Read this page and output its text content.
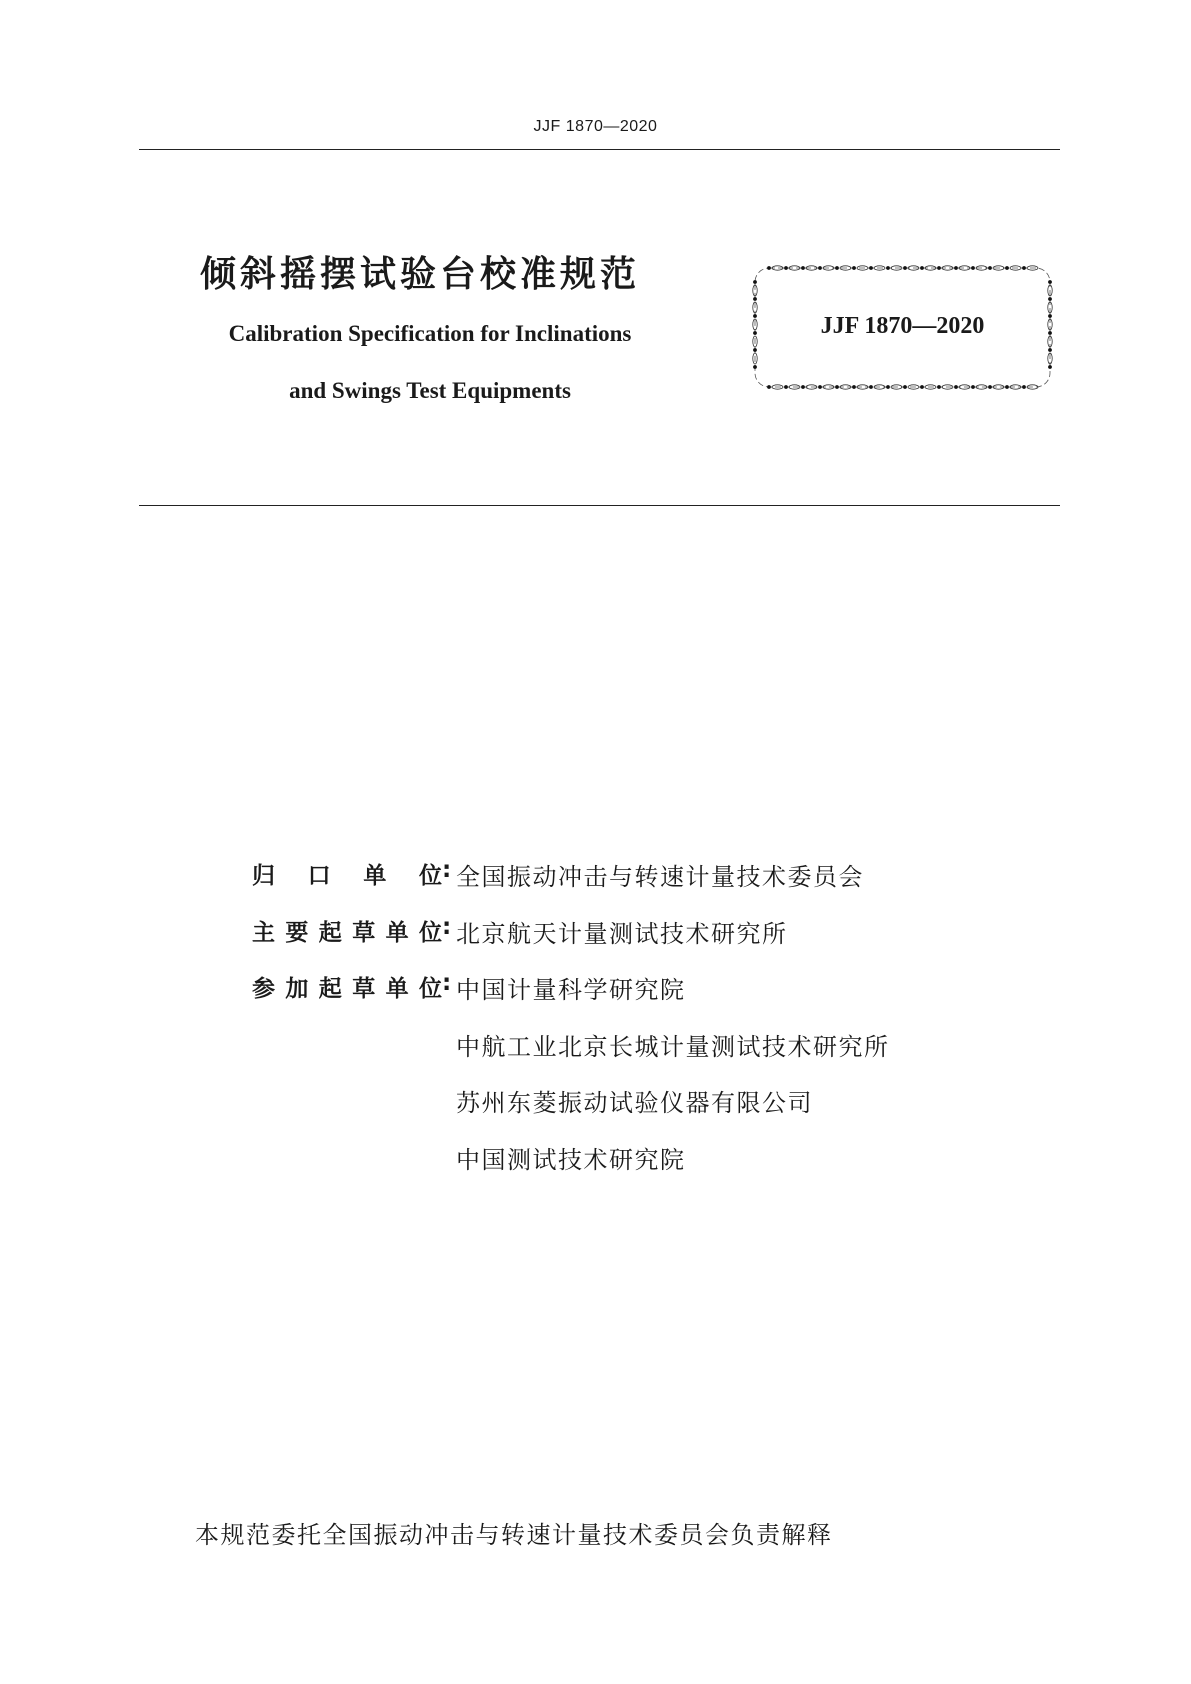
JJF 1870—2020
倾斜摇摆试验台校准规范
Calibration Specification for Inclinations
and Swings Test Equipments
JJF 1870—2020
归口单位: 全国振动冲击与转速计量技术委员会
主要起草单位: 北京航天计量测试技术研究所
参加起草单位: 中国计量科学研究院
中航工业北京长城计量测试技术研究所
苏州东菱振动试验仪器有限公司
中国测试技术研究院
本规范委托全国振动冲击与转速计量技术委员会负责解释
